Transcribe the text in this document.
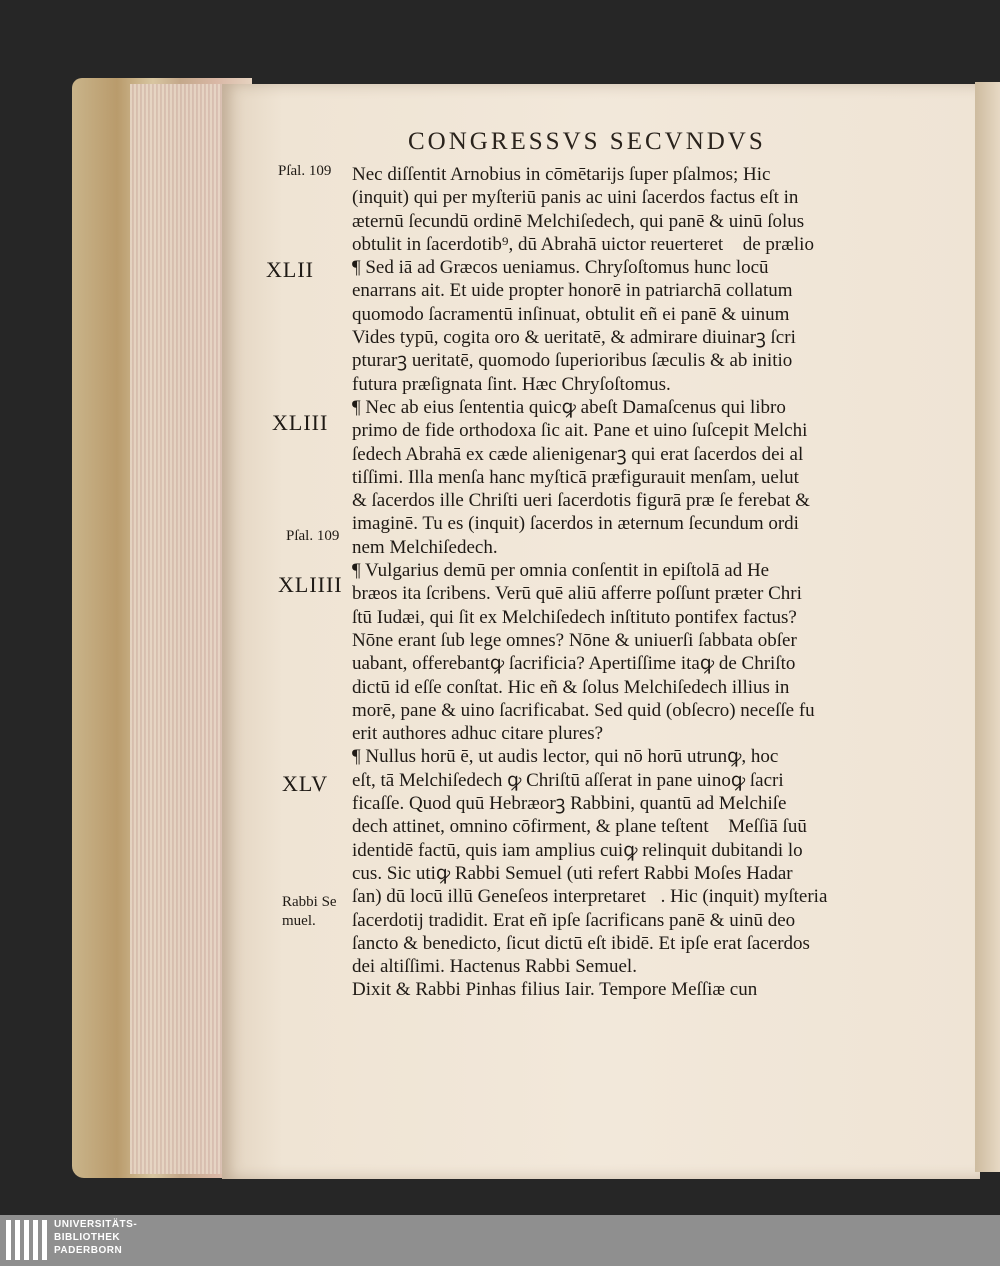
CONGRESSVS SECVNDVS
Nec diſſentit Arnobius in cōmētarijs ſuper pſalmos; Hic
(inquit) qui per myſteriū panis ac uini ſacerdos factus eſt in
æternū ſecundū ordinē Melchiſedech, qui panē & uinū ſolus
obtulit in ſacerdotib⁹, dū Abrahā uictor reuerteretᷓ de prælio
¶ Sed iā ad Græcos ueniamus. Chryſoſtomus hunc locū
enarrans ait. Et uide propter honorē in patriarchā collatum
quomodo ſacramentū inſinuat, obtulit eñ ei panē & uinum
Vides typū, cogita oro & ueritatē, & admirare diuinarꝫ ſcri
pturarꝫ ueritatē, quomodo ſuperioribus ſæculis & ab initio
futura præſignata ſint. Hæc Chryſoſtomus.
¶ Nec ab eius ſententia quicꝙ abeſt Damaſcenus qui libro
primo de fide orthodoxa ſic ait. Pane et uino ſuſcepit Melchi
ſedech Abrahā ex cæde alienigenarꝫ qui erat ſacerdos dei al
tiſſimi. Illa menſa hanc myſticā præfigurauit menſam, uelut
& ſacerdos ille Chriſti ueri ſacerdotis figurā præ ſe ferebat &
imaginē. Tu es (inquit) ſacerdos in æternum ſecundum ordi
nem Melchiſedech.
¶ Vulgarius demū per omnia conſentit in epiſtolā ad He
bræos ita ſcribens. Verū quē aliū afferre poſſunt præter Chri
ſtū Iudæi, qui ſit ex Melchiſedech inſtituto pontifex factus?
Nōne erant ſub lege omnes? Nōne & uniuerſi ſabbata obſer
uabant, offerebantꝙ ſacrificia? Apertiſſime itaꝙ de Chriſto
dictū id eſſe conſtat. Hic eñ & ſolus Melchiſedech illius in
morē, pane & uino ſacrificabat. Sed quid (obſecro) neceſſe fu
erit authores adhuc citare plures?
¶ Nullus horū ē, ut audis lector, qui nō horū utrunꝙ, hoc
eſt, tā Melchiſedech ꝙ Chriſtū aſſerat in pane uinoꝙ ſacri
ficaſſe. Quod quū Hebræorꝫ Rabbini, quantū ad Melchiſe
dech attinet, omnino cōfirment, & plane teſtentᷓ Meſſiā ſuū
identidē factū, quis iam amplius cuiꝙ relinquit dubitandi lo
cus. Sic utiꝙ Rabbi Semuel (uti refert Rabbi Moſes Hadar
ſan) dū locū illū Geneſeos interpretaretᷓ. Hic (inquit) myſteria
ſacerdotij tradidit. Erat eñ ipſe ſacrificans panē & uinū deo
ſancto & benedicto, ſicut dictū eſt ibidē. Et ipſe erat ſacerdos
dei altiſſimi. Hactenus Rabbi Semuel.
Dixit & Rabbi Pinhas filius Iair. Tempore Meſſiæ cun
Pſal. 109
XLII
XLIII
Pſal. 109
XLIIII
XLV
Rabbi Se
muel.
UNIVERSITÄTS-
BIBLIOTHEK
PADERBORN
